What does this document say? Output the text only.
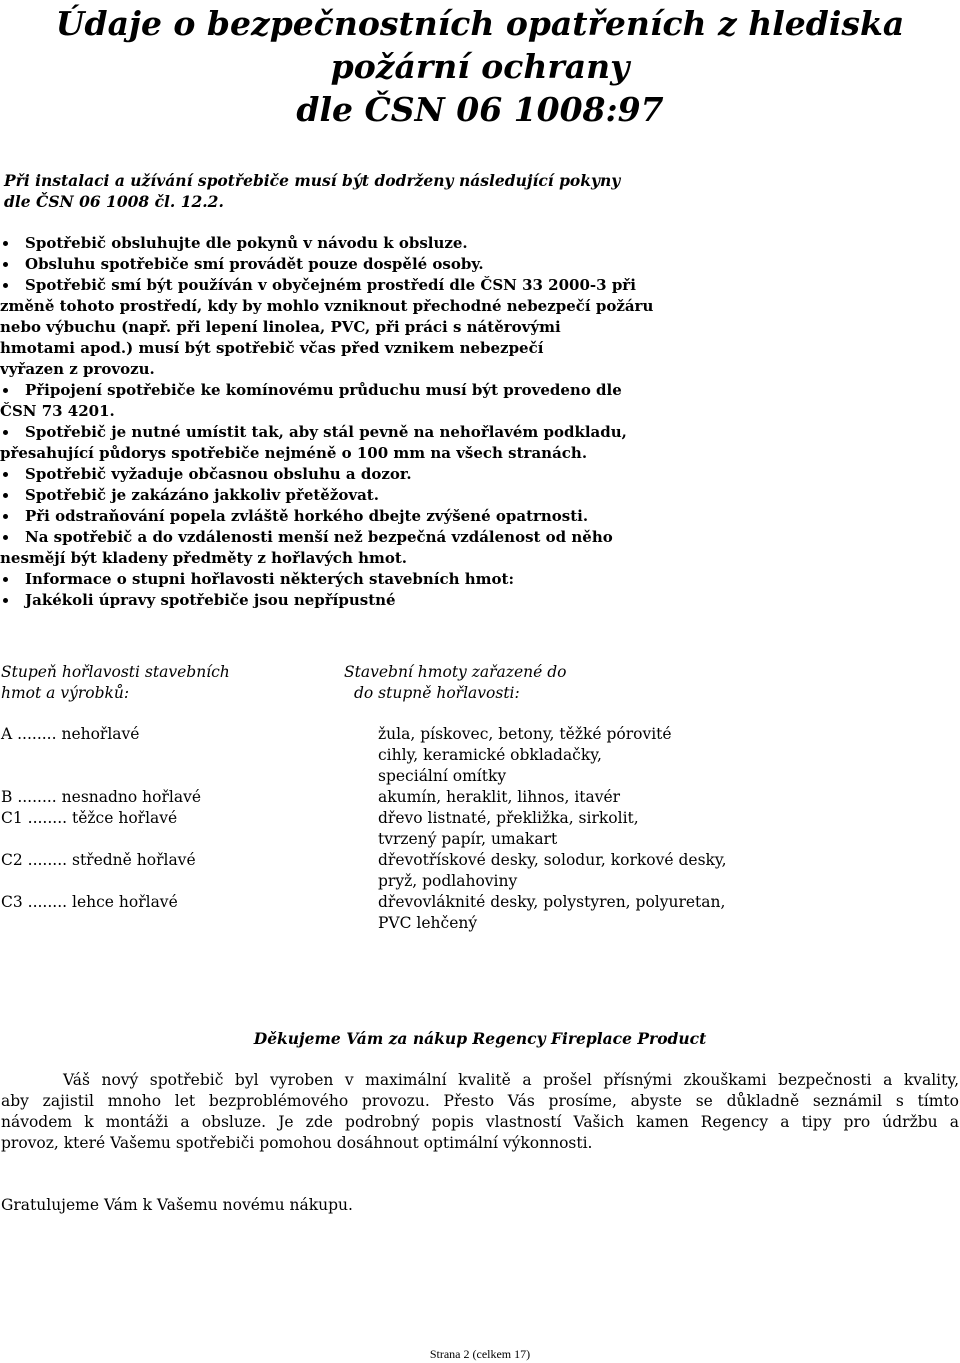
Údaje o bezpečnostních opatřeních z hlediska
požární ochrany
dle ČSN 06 1008:97
Při instalaci a užívání spotřebiče musí být dodrženy následující pokyny
dle ČSN 06 1008 čl. 12.2.
Spotřebič obsluhujte dle pokynů v návodu k obsluze.
Obsluhu spotřebiče smí provádět pouze dospělé osoby.
Spotřebič smí být používán v obyčejném prostředí dle ČSN 33 2000-3 při
změně tohoto prostředí, kdy by mohlo vzniknout přechodné nebezpečí požáru
nebo výbuchu (např. při lepení linolea, PVC, při práci s nátěrovými
hmotami apod.) musí být spotřebič včas před vznikem nebezpečí
vyřazen z provozu.
Připojení spotřebiče ke komínovému průduchu musí být provedeno dle
ČSN 73 4201.
Spotřebič je nutné umístit tak, aby stál pevně na nehořlavém podkladu,
přesahující půdorys spotřebiče nejméně o 100 mm na všech stranách.
Spotřebič vyžaduje občasnou obsluhu a dozor.
Spotřebič je zakázáno jakkoliv přetěžovat.
Při odstraňování popela zvláště horkého dbejte zvýšené opatrnosti.
Na spotřebič a do vzdálenosti menší než bezpečná vzdálenost od něho
nesmějí být kladeny předměty z hořlavých hmot.
Informace o stupni hořlavosti některých stavebních hmot:
Jakékoli úpravy spotřebiče jsou nepřípustné
Stupeň hořlavosti stavebních
hmot a výrobků:
Stavební hmoty zařazené do
do stupně hořlavosti:
A ........ nehořlavé	žula, pískovec, betony, těžké pórovité
cihly, keramické obkladačky,
speciální omítky
B ........ nesnadno hořlavé	akumín, heraklit, lihnos, itavér
C1 ........ těžce hořlavé	dřevo listnaté, překližka, sirkolit,
tvrzený papír, umakart
C2 ........ středně hořlavé	dřevotřískové desky, solodur, korkové desky,
pryž, podlahoviny
C3 ........ lehce hořlavé	dřevovláknité desky, polystyren, polyuretan,
PVC lehčený
Děkujeme Vám za nákup Regency Fireplace Product
Váš nový spotřebič byl vyroben v maximální kvalitě a prošel přísnými zkouškami bezpečnosti a kvality,
aby zajistil mnoho let bezproblémového provozu. Přesto Vás prosíme, abyste se důkladně seznámil s tímto
návodem k montáži a obsluze. Je zde podrobný popis vlastností Vašich kamen Regency a tipy pro údržbu a
provoz, které Vašemu spotřebiči pomohou dosáhnout optimální výkonnosti.
Gratulujeme Vám k Vašemu novému nákupu.
Strana 2 (celkem 17)
